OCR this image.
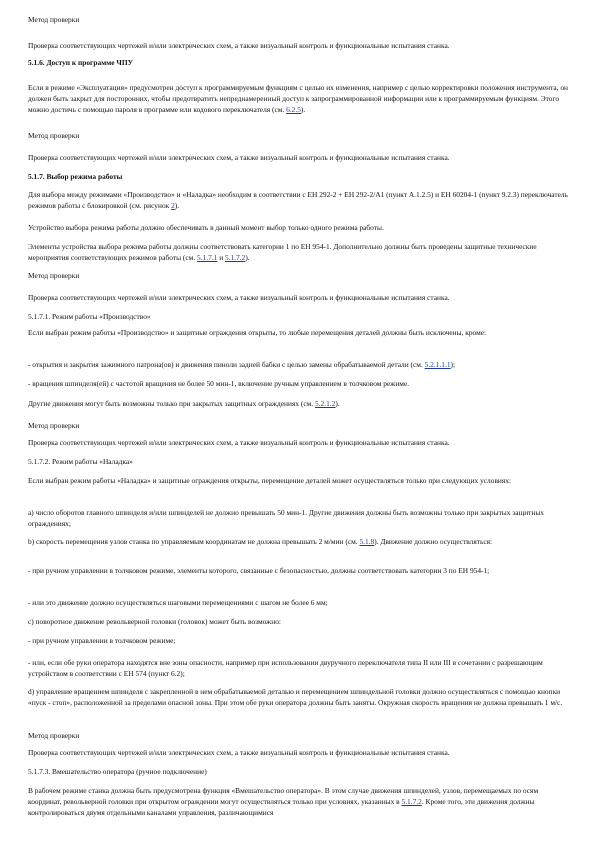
Метод проверки

Проверка соответствующих чертежей и/или электрических схем, а также визуальный контроль и функциональные испытания станка.

5.1.6. Доступ к программе ЧПУ

Если в режиме «Эксплуатация» предусмотрен доступ к программируемым функциям с целью их изменения, например с целью корректировки положения инструмента, он должен быть закрыт для посторонних, чтобы предотвратить непреднамеренный доступ к запрограммированной информации или к программируемым функциям. Этого можно достичь с помощью пароля в программе или кодового переключателя (см. 6.2.5).

Метод проверки

Проверка соответствующих чертежей и/или электрических схем, а также визуальный контроль и функциональные испытания станка.

5.1.7. Выбор режима работы

Для выбора между режимами «Производство» и «Наладка» необходим в соответствии с ЕН 292-2 + ЕН 292-2/А1 (пункт А.1.2.5) и ЕН 60204-1 (пункт 9.2.3) переключатель режимов работы с блокировкой (см. рисунок 2).

Устройство выбора режима работы должно обеспечивать в данный момент выбор только одного режима работы.

Элементы устройства выбора режима работы должны соответствовать категории 1 по ЕН 954-1. Дополнительно должны быть проведены защитные технические мероприятия соответствующих режимов работы (см. 5.1.7.1 и 5.1.7.2).

Метод проверки

Проверка соответствующих чертежей и/или электрических схем, а также визуальный контроль и функциональные испытания станка.

5.1.7.1. Режим работы «Производство»

Если выбран режим работы «Производство» и защитные ограждения открыты, то любые перемещения деталей должны быть исключены, кроме:

- открытия и закрытия зажимного патрона(ов) и движения пиноли задней бабки с целью замены обрабатываемой детали (см. 5.2.1.1.1);

- вращения шпинделя(ей) с частотой вращения не более 50 мин-1, включение ручным управлением в толчковом режиме.

Другие движения могут быть возможны только при закрытых защитных ограждениях (см. 5.2.1.2).

Метод проверки

Проверка соответствующих чертежей и/или электрических схем, а также визуальный контроль и функциональные испытания станка.

5.1.7.2. Режим работы «Наладка»

Если выбран режим работы «Наладка» и защитные ограждения открыты, перемещение деталей может осуществляться только при следующих условиях:

а) число оборотов главного шпинделя и/или шпинделей не должно превышать 50 мин-1. Другие движения должны быть возможны только при закрытых защитных ограждениях;

b) скорость перемещения узлов станка по управляемым координатам не должна превышать 2 м/мин (см. 5.1.8). Движение должно осуществляться:

- при ручном управлении в толчковом режиме, элементы которого, связанные с безопасностью, должны соответствовать категории 3 по ЕН 954-1;

- или это движение должно осуществляться шаговыми перемещениями с шагом не более 6 мм;

с) поворотное движение револьверной головки (головок) может быть возможно:

- при ручном управлении в толчковом режиме;

- или, если обе руки оператора находятся вне зоны опасности, например при использовании двуручного переключателя типа II или III в сочетании с разрешающим устройством в соответствии с ЕН 574 (пункт 6.2);

d) управление вращением шпинделя с закрепленной в нем обрабатываемой деталью и перемещением шпиндельной головки должно осуществляться с помощью кнопки «пуск - стоп», расположенной за пределами опасной зоны. При этом обе руки оператора должны быть заняты. Окружная скорость вращения не должна превышать 1 м/с.

Метод проверки

Проверка соответствующих чертежей и/или электрических схем, а также визуальный контроль и функциональные испытания станка.

5.1.7.3. Вмешательство оператора (ручное подключение)

В рабочем режиме станка должна быть предусмотрена функция «Вмешательство оператора». В этом случае движения шпинделей, узлов, перемещаемых по осям координат, револьверной головки при открытом ограждении могут осуществляться только при условиях, указанных в 5.1.7.2. Кроме того, эти движения должны контролироваться двумя отдельными каналами управления, различающимися
